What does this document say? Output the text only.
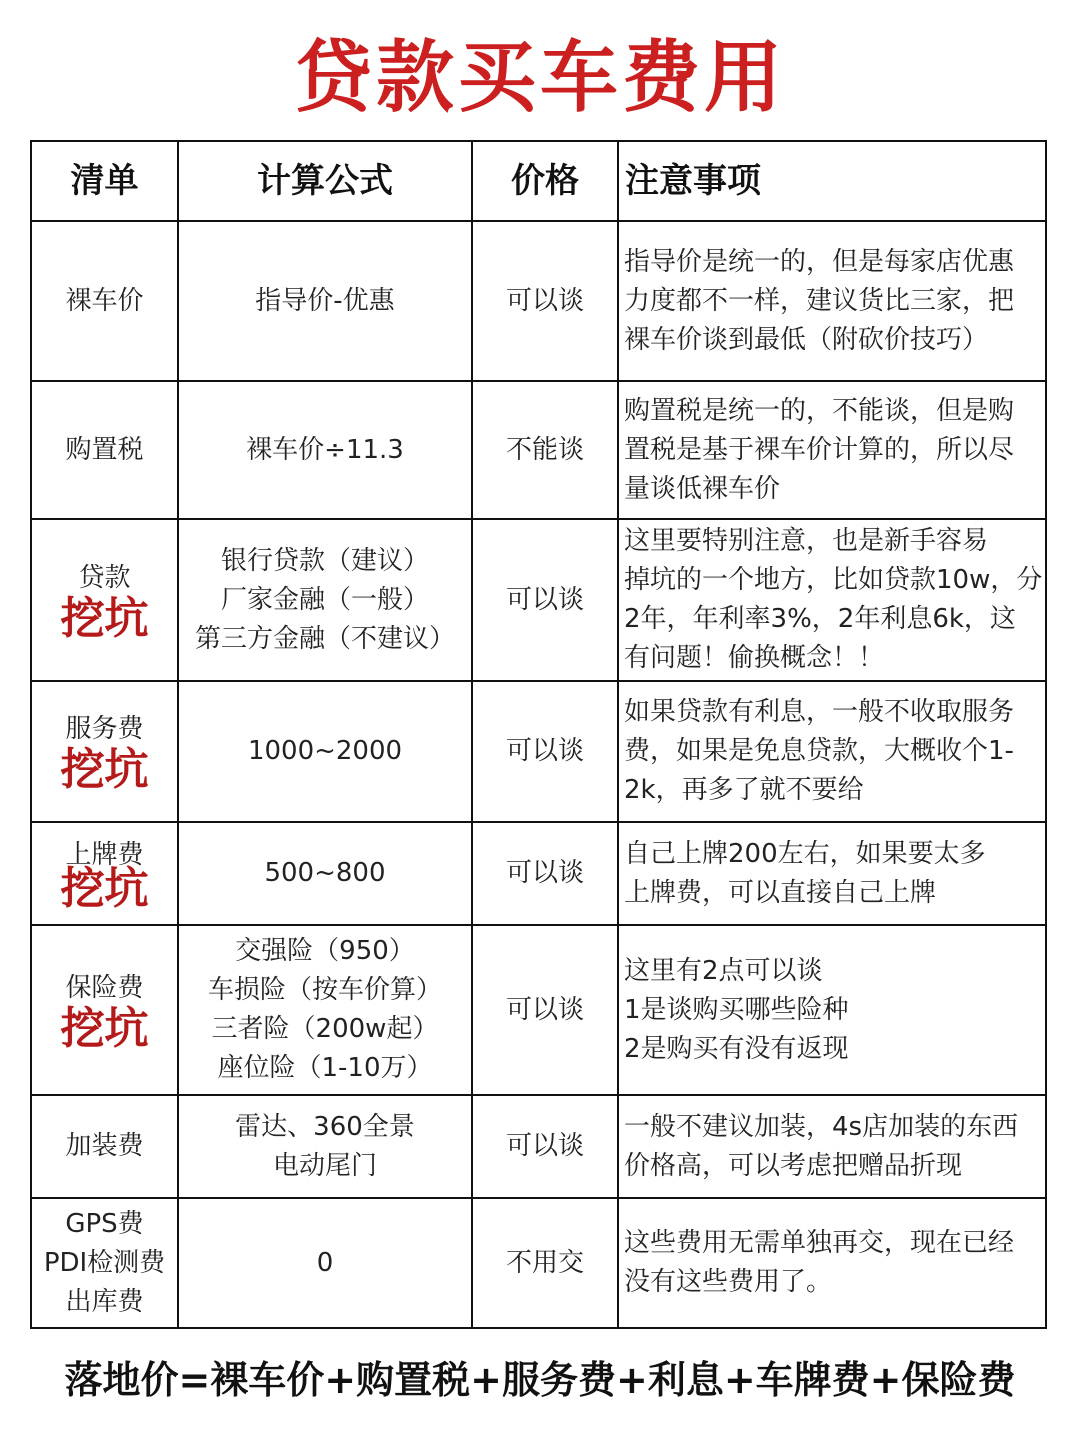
贷款买车费用
清单	计算公式	价格	注意事项

裸车价	指导价-优惠	可以谈	指导价是统一的，但是每家店优惠
力度都不一样，建议货比三家，把
裸车价谈到最低（附砍价技巧）

购置税	裸车价÷11.3	不能谈	购置税是统一的，不能谈，但是购
置税是基于裸车价计算的，所以尽
量谈低裸车价

贷款
挖坑	银行贷款（建议）
厂家金融（一般）
第三方金融（不建议）	可以谈	这里要特别注意，也是新手容易
掉坑的一个地方，比如贷款10w，分
2年，年利率3%，2年利息6k，这
有问题！偷换概念！！

服务费
挖坑	1000~2000	可以谈	如果贷款有利息，一般不收取服务
费，如果是免息贷款，大概收个1-
2k，再多了就不要给

上牌费
挖坑	500~800	可以谈	自己上牌200左右，如果要太多
上牌费，可以直接自己上牌

保险费
挖坑	交强险（950）
车损险（按车价算）
三者险（200w起）
座位险（1-10万）	可以谈	这里有2点可以谈
1是谈购买哪些险种
2是购买有没有返现

加装费	雷达、360全景
电动尾门	可以谈	一般不建议加装，4s店加装的东西
价格高，可以考虑把赠品折现

GPS费
PDI检测费
出库费	0	不用交	这些费用无需单独再交，现在已经
没有这些费用了。
落地价=裸车价+购置税+服务费+利息+车牌费+保险费
